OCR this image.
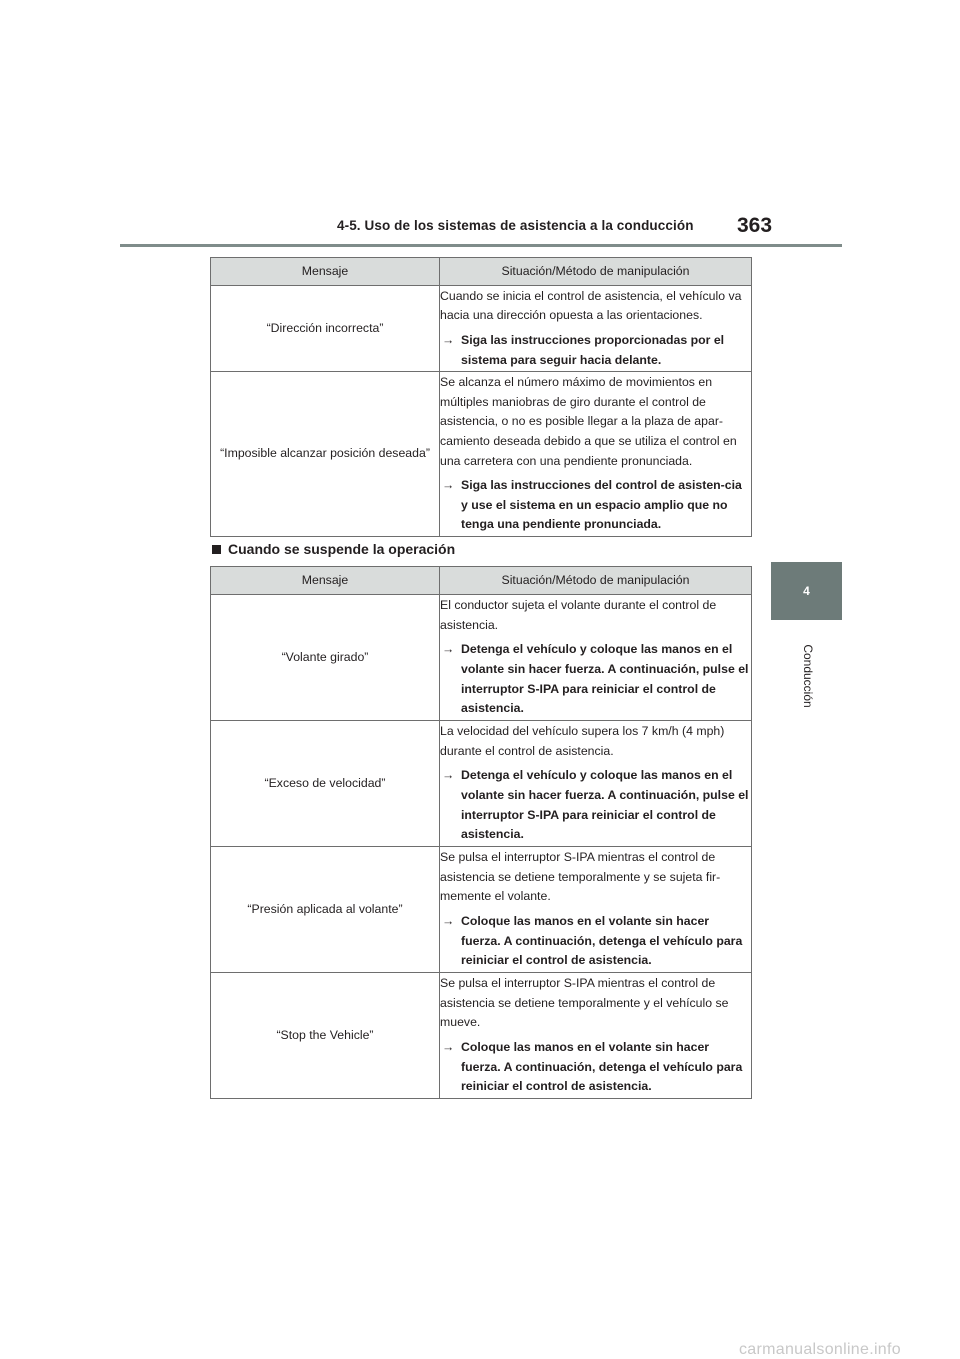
4-5. Uso de los sistemas de asistencia a la conducción 363
4
Conducción
Mensaje	Situación/Método de manipulación
“Dirección incorrecta”	Cuando se inicia el control de asistencia, el vehículo va hacia una dirección opuesta a las orientaciones.

→ Siga las instrucciones proporcionadas por el sistema para seguir hacia delante.

“Imposible alcanzar posición deseada”	Se alcanza el número máximo de movimientos en múltiples maniobras de giro durante el control de asistencia, o no es posible llegar a la plaza de apar-camiento deseada debido a que se utiliza el control en una carretera con una pendiente pronunciada.

→ Siga las instrucciones del control de asisten-cia y use el sistema en un espacio amplio que no tenga una pendiente pronunciada.
Cuando se suspende la operación
Mensaje	Situación/Método de manipulación
“Volante girado”	El conductor sujeta el volante durante el control de asistencia.

→ Detenga el vehículo y coloque las manos en el volante sin hacer fuerza. A continuación, pulse el interruptor S-IPA para reiniciar el control de asistencia.

“Exceso de velocidad”	La velocidad del vehículo supera los 7 km/h (4 mph) durante el control de asistencia.

→ Detenga el vehículo y coloque las manos en el volante sin hacer fuerza. A continuación, pulse el interruptor S-IPA para reiniciar el control de asistencia.

“Presión aplicada al volante”	Se pulsa el interruptor S-IPA mientras el control de asistencia se detiene temporalmente y se sujeta fir-memente el volante.

→ Coloque las manos en el volante sin hacer fuerza. A continuación, detenga el vehículo para reiniciar el control de asistencia.

“Stop the Vehicle”	Se pulsa el interruptor S-IPA mientras el control de asistencia se detiene temporalmente y el vehículo se mueve.

→ Coloque las manos en el volante sin hacer fuerza. A continuación, detenga el vehículo para reiniciar el control de asistencia.
carmanualsonline.info
